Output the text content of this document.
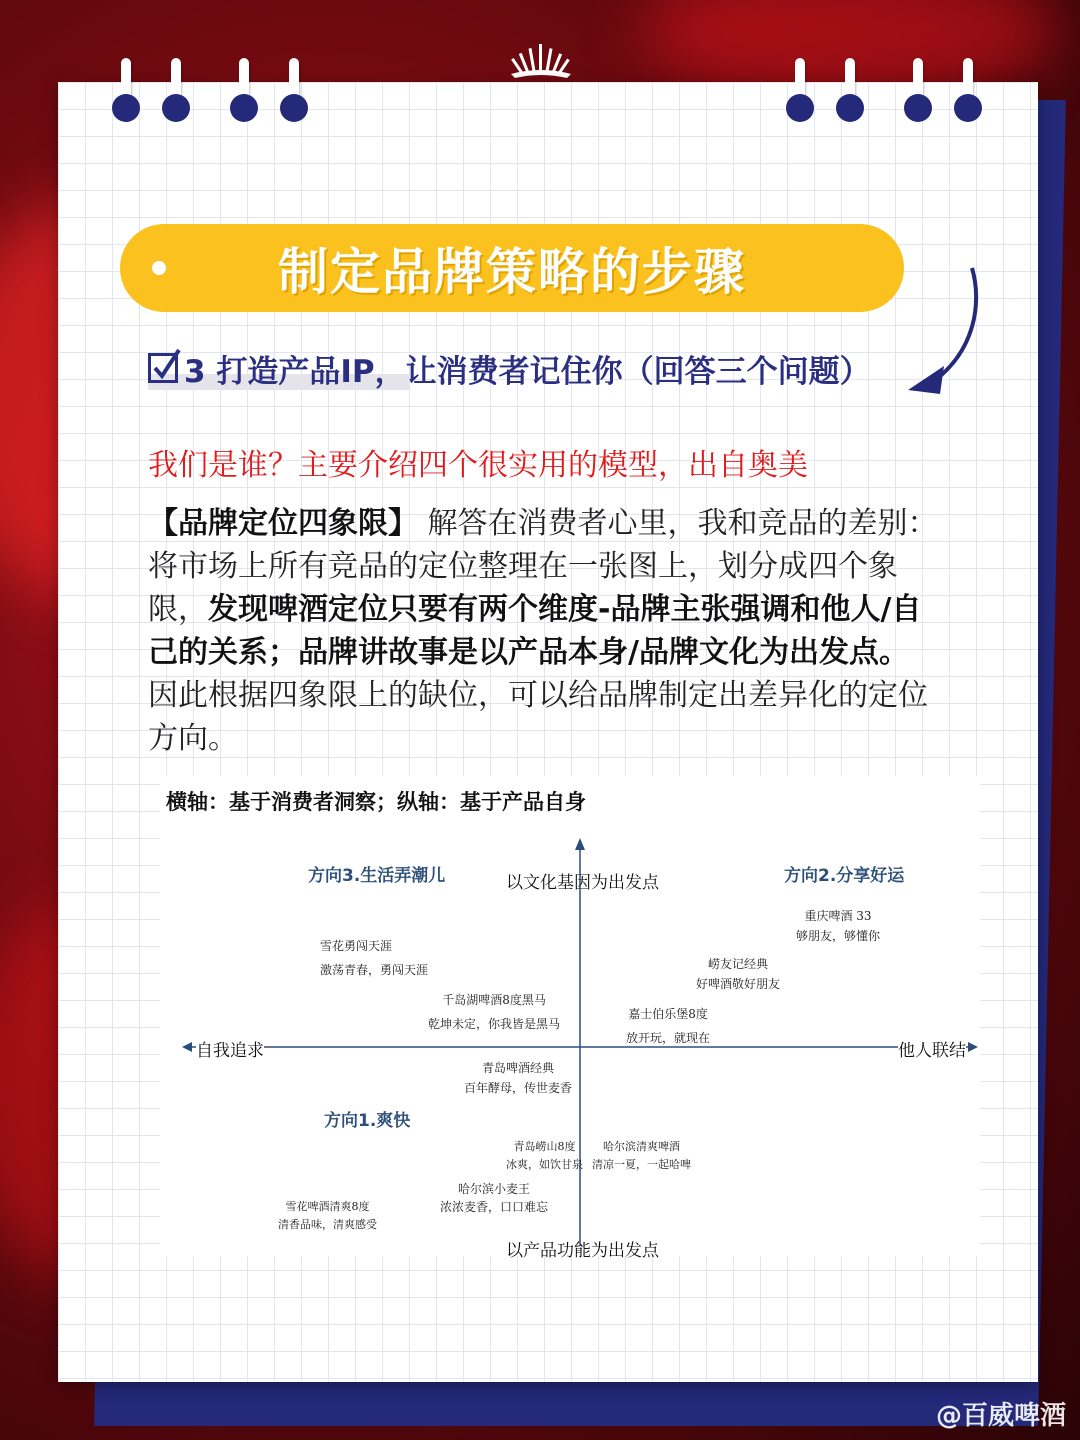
制定品牌策略的步骤
3 打造产品IP，让消费者记住你（回答三个问题）
我们是谁？主要介绍四个很实用的模型，出自奥美
【品牌定位四象限】 解答在消费者心里，我和竞品的差别：将市场上所有竞品的定位整理在一张图上，划分成四个象限，发现啤酒定位只要有两个维度-品牌主张强调和他人/自己的关系；品牌讲故事是以产品本身/品牌文化为出发点。因此根据四象限上的缺位，可以给品牌制定出差异化的定位方向。
横轴：基于消费者洞察；纵轴：基于产品自身
以文化基因为出发点
以产品功能为出发点
自我追求	他人联结
方向3.生活弄潮儿	方向2.分享好运
方向1.爽快
雪花勇闯天涯
激荡青春，勇闯天涯
千岛湖啤酒8度黑马
乾坤未定，你我皆是黑马
重庆啤酒 33
够朋友，够懂你
崂友记经典
好啤酒敬好朋友
嘉士伯乐堡8度
放开玩，就现在
青岛啤酒经典
百年酵母，传世麦香
青岛崂山8度
冰爽，如饮甘泉
哈尔滨清爽啤酒
清凉一夏，一起哈啤
哈尔滨小麦王
浓浓麦香，口口难忘
雪花啤酒清爽8度
清香品味，清爽感受
@百威啤酒
